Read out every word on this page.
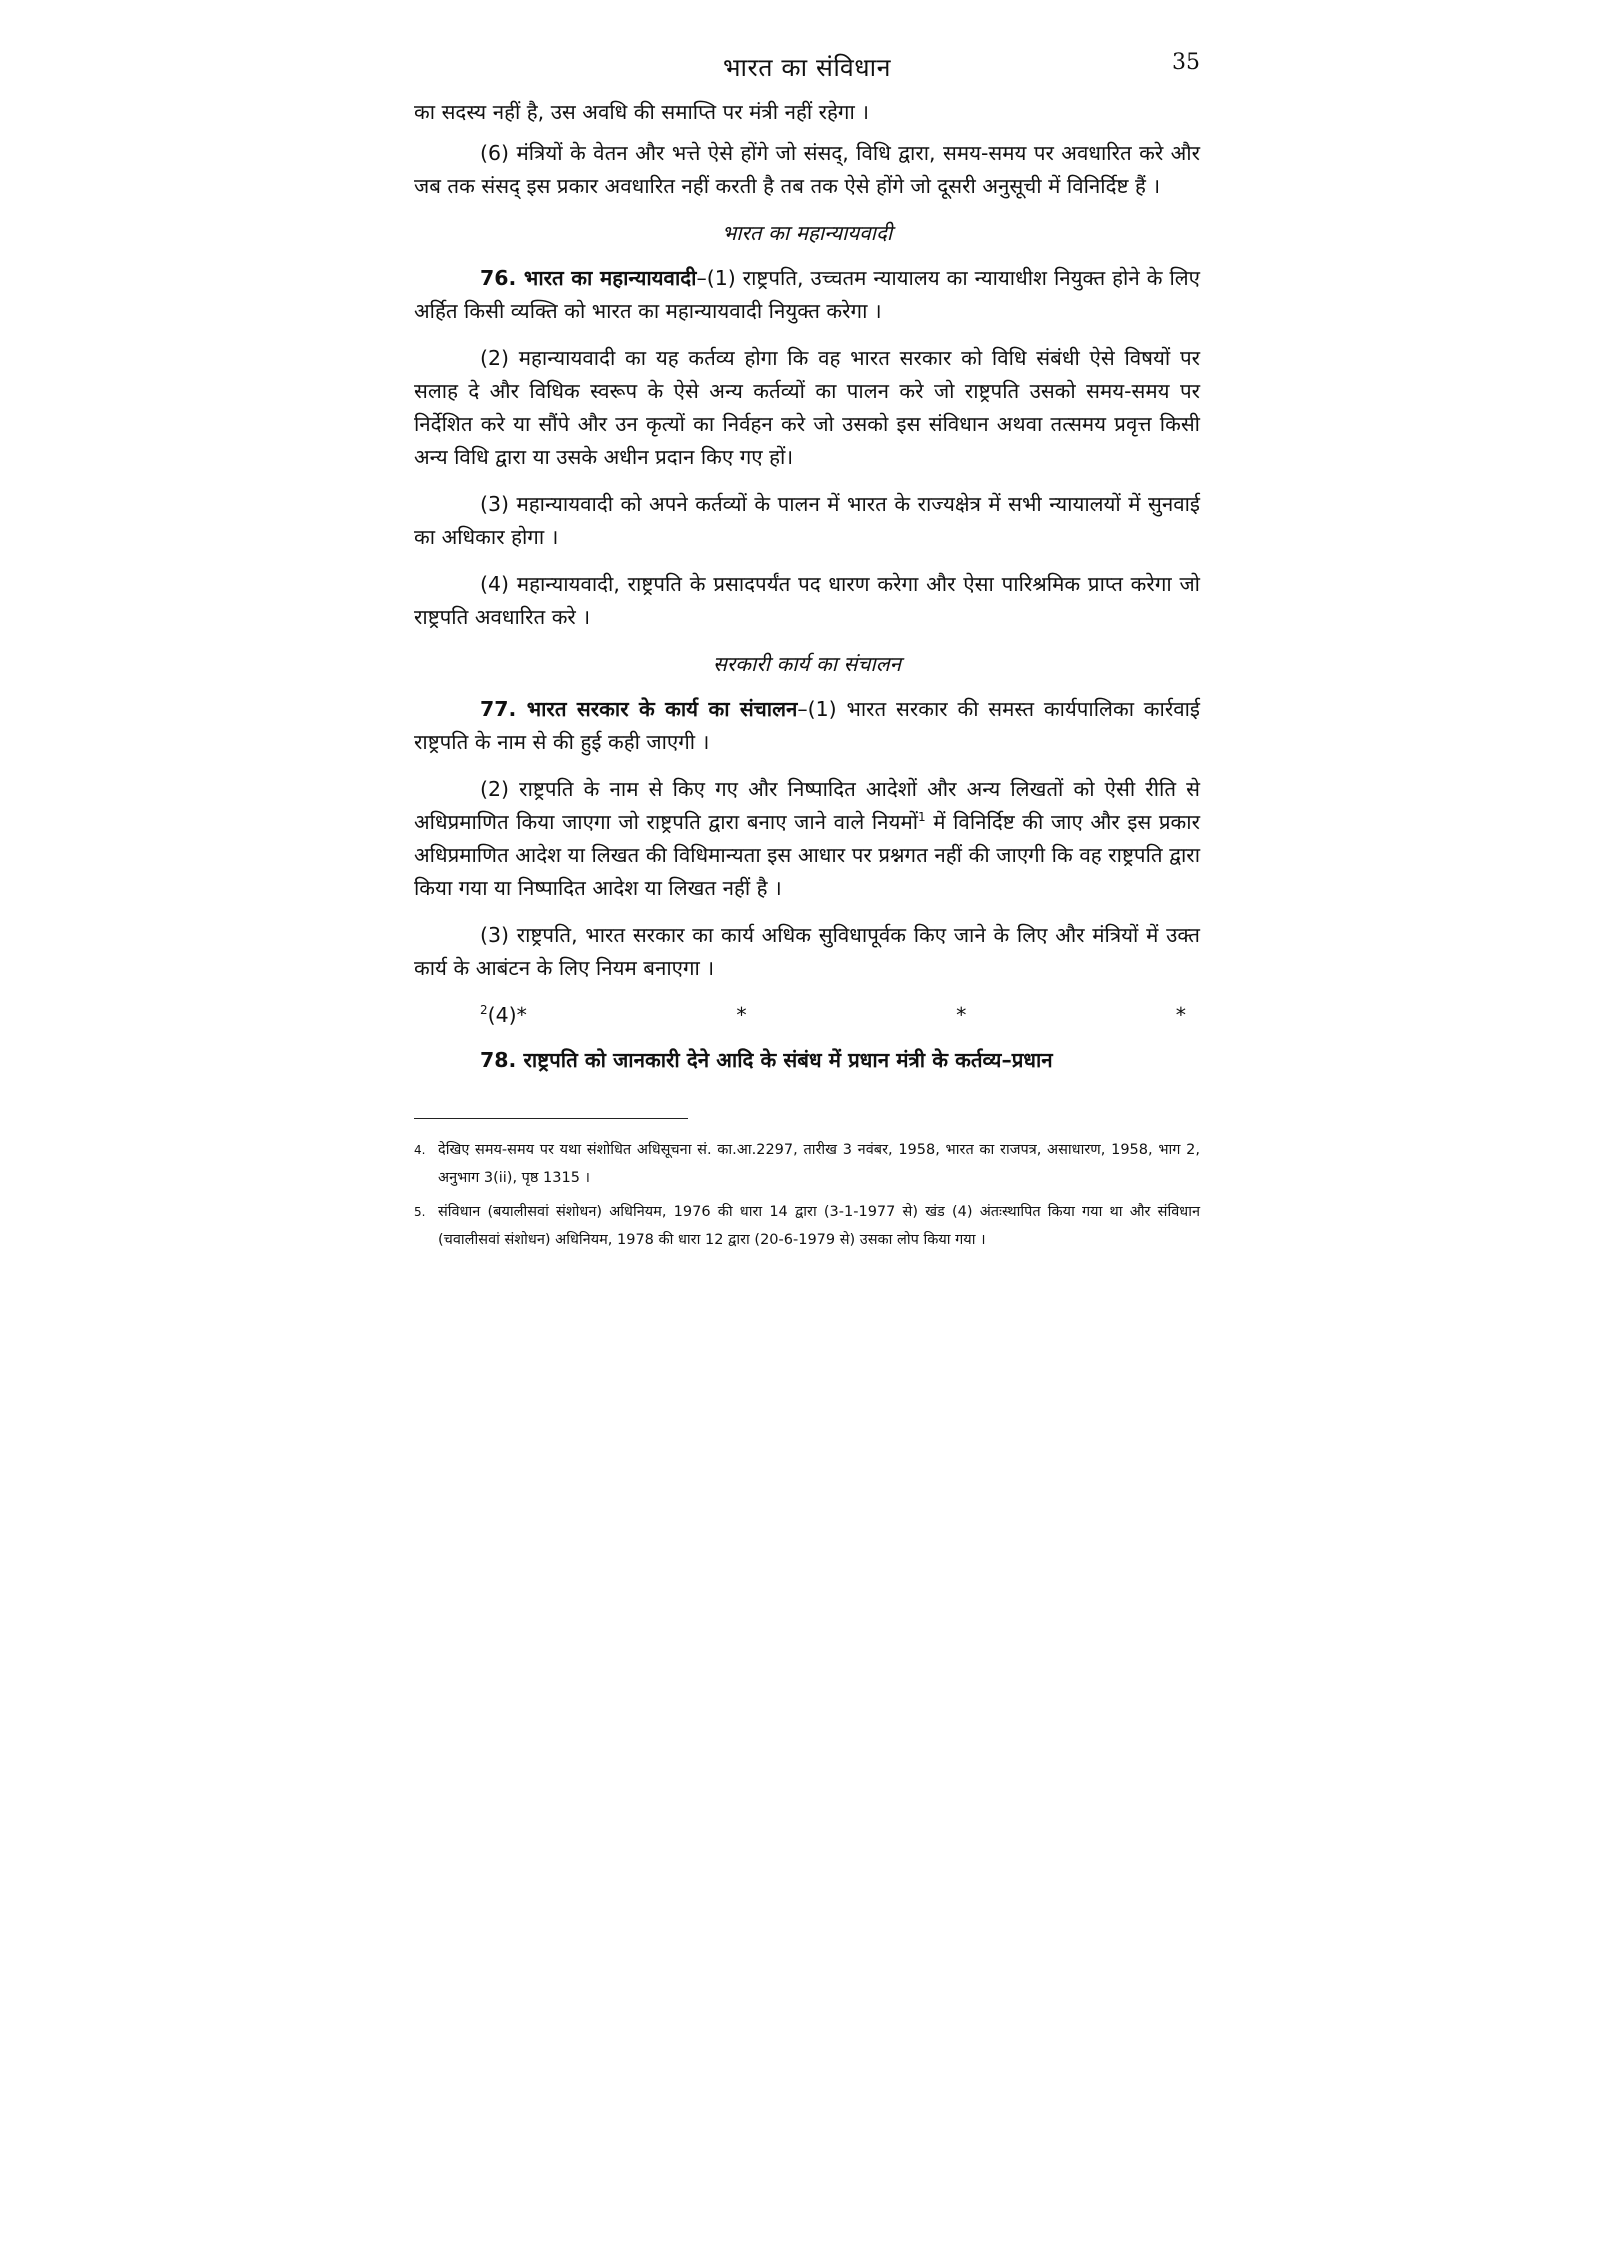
भारत का संविधान	35

का सदस्य नहीं है, उस अवधि की समाप्ति पर मंत्री नहीं रहेगा ।

(6) मंत्रियों के वेतन और भत्ते ऐसे होंगे जो संसद्, विधि द्वारा, समय-समय पर अवधारित करे और जब तक संसद् इस प्रकार अवधारित नहीं करती है तब तक ऐसे होंगे जो दूसरी अनुसूची में विनिर्दिष्ट हैं ।

भारत का महान्यायवादी

76. भारत का महान्यायवादी–(1) राष्ट्रपति, उच्चतम न्यायालय का न्यायाधीश नियुक्त होने के लिए अर्हित किसी व्यक्ति को भारत का महान्यायवादी नियुक्त करेगा ।

(2) महान्यायवादी का यह कर्तव्य होगा कि वह भारत सरकार को विधि संबंधी ऐसे विषयों पर सलाह दे और विधिक स्वरूप के ऐसे अन्य कर्तव्यों का पालन करे जो राष्ट्रपति उसको समय-समय पर निर्देशित करे या सौंपे और उन कृत्यों का निर्वहन करे जो उसको इस संविधान अथवा तत्समय प्रवृत्त किसी अन्य विधि द्वारा या उसके अधीन प्रदान किए गए हों।

(3) महान्यायवादी को अपने कर्तव्यों के पालन में भारत के राज्यक्षेत्र में सभी न्यायालयों में सुनवाई का अधिकार होगा ।

(4) महान्यायवादी, राष्ट्रपति के प्रसादपर्यंत पद धारण करेगा और ऐसा पारिश्रमिक प्राप्त करेगा जो राष्ट्रपति अवधारित करे ।

सरकारी कार्य का संचालन

77. भारत सरकार के कार्य का संचालन–(1) भारत सरकार की समस्त कार्यपालिका कार्रवाई राष्ट्रपति के नाम से की हुई कही जाएगी ।

(2) राष्ट्रपति के नाम से किए गए और निष्पादित आदेशों और अन्य लिखतों को ऐसी रीति से अधिप्रमाणित किया जाएगा जो राष्ट्रपति द्वारा बनाए जाने वाले नियमों$^1$ में विनिर्दिष्ट की जाए और इस प्रकार अधिप्रमाणित आदेश या लिखत की विधिमान्यता इस आधार पर प्रश्नगत नहीं की जाएगी कि वह राष्ट्रपति द्वारा किया गया या निष्पादित आदेश या लिखत नहीं है ।

(3) राष्ट्रपति, भारत सरकार का कार्य अधिक सुविधापूर्वक किए जाने के लिए और मंत्रियों में उक्त कार्य के आबंटन के लिए नियम बनाएगा ।

$^2$(4)*	*	*	*

78. राष्ट्रपति को जानकारी देने आदि के संबंध में प्रधान मंत्री के कर्तव्य–प्रधान

4. देखिए समय-समय पर यथा संशोधित अधिसूचना सं. का.आ.2297, तारीख 3 नवंबर, 1958, भारत का राजपत्र, असाधारण, 1958, भाग 2, अनुभाग 3(ii), पृष्ठ 1315 ।
5. संविधान (बयालीसवां संशोधन) अधिनियम, 1976 की धारा 14 द्वारा (3-1-1977 से) खंड (4) अंतःस्थापित किया गया था और संविधान (चवालीसवां संशोधन) अधिनियम, 1978 की धारा 12 द्वारा (20-6-1979 से) उसका लोप किया गया ।
